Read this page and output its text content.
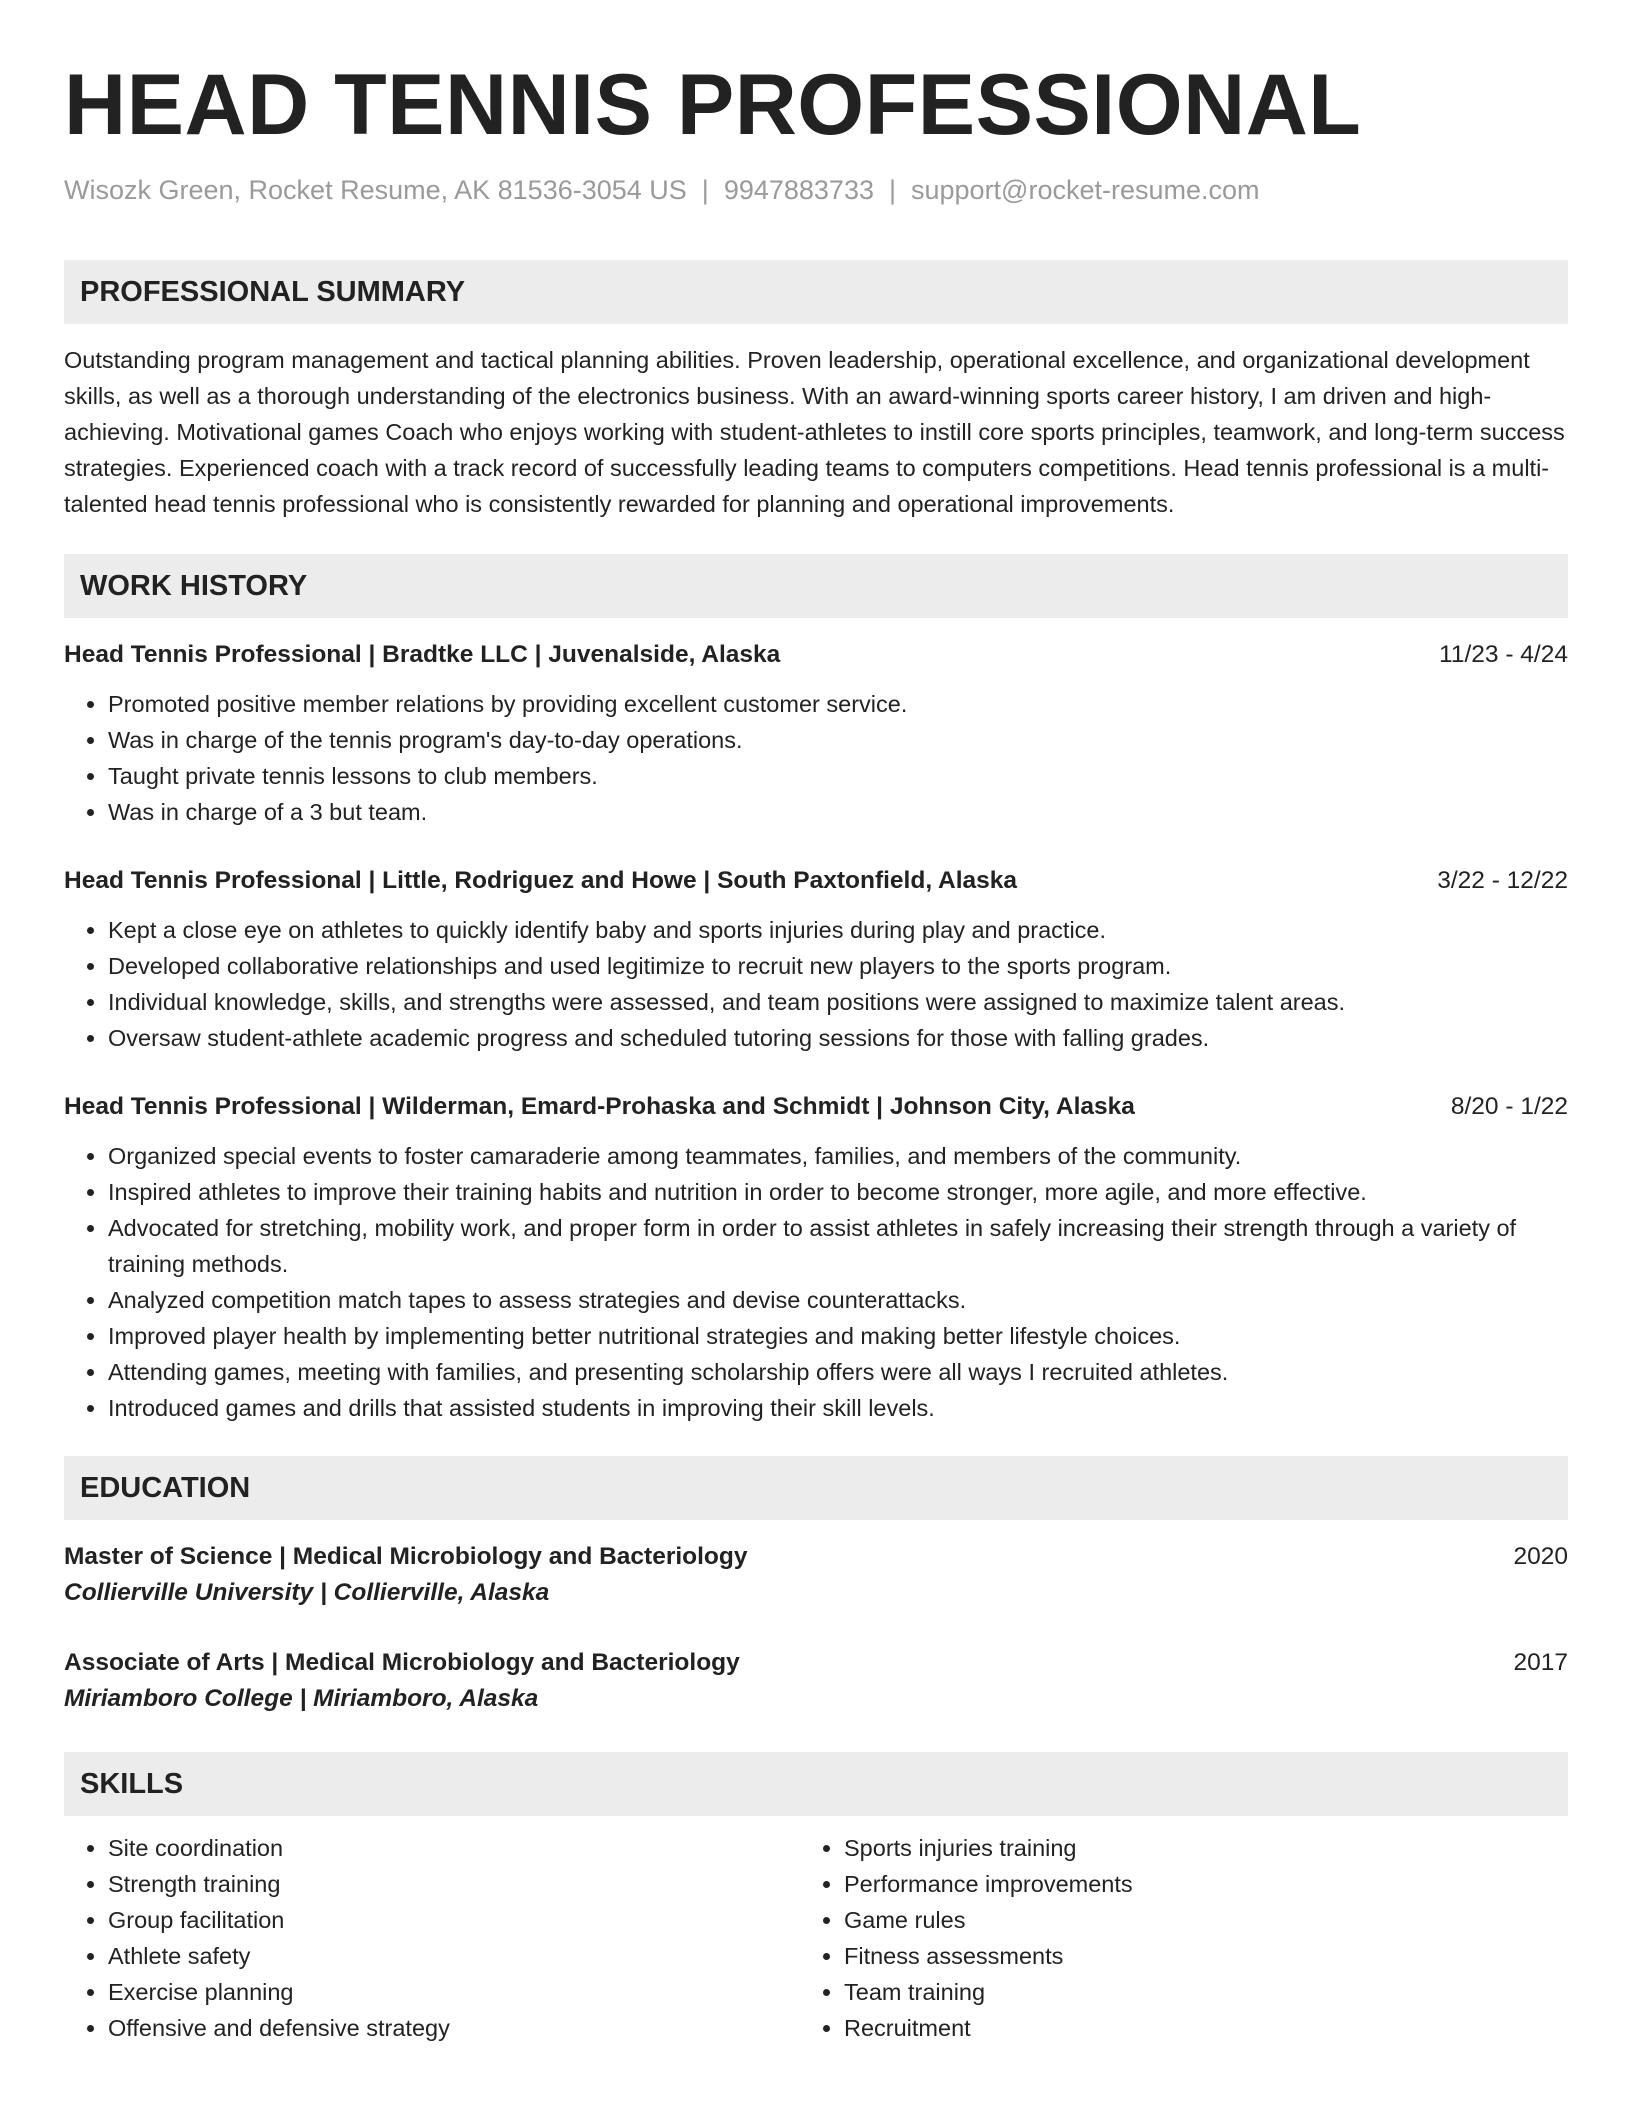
HEAD TENNIS PROFESSIONAL
Wisozk Green, Rocket Resume, AK 81536-3054 US | 9947883733 | support@rocket-resume.com
PROFESSIONAL SUMMARY

Outstanding program management and tactical planning abilities. Proven leadership, operational excellence, and organizational development skills, as well as a thorough understanding of the electronics business. With an award-winning sports career history, I am driven and high-achieving. Motivational games Coach who enjoys working with student-athletes to instill core sports principles, teamwork, and long-term success strategies. Experienced coach with a track record of successfully leading teams to computers competitions. Head tennis professional is a multi-talented head tennis professional who is consistently rewarded for planning and operational improvements.

WORK HISTORY
Head Tennis Professional | Bradtke LLC | Juvenalside, Alaska	11/23 - 4/24
• Promoted positive member relations by providing excellent customer service.
• Was in charge of the tennis program's day-to-day operations.
• Taught private tennis lessons to club members.
• Was in charge of a 3 but team.
Head Tennis Professional | Little, Rodriguez and Howe | South Paxtonfield, Alaska	3/22 - 12/22
• Kept a close eye on athletes to quickly identify baby and sports injuries during play and practice.
• Developed collaborative relationships and used legitimize to recruit new players to the sports program.
• Individual knowledge, skills, and strengths were assessed, and team positions were assigned to maximize talent areas.
• Oversaw student-athlete academic progress and scheduled tutoring sessions for those with falling grades.
Head Tennis Professional | Wilderman, Emard-Prohaska and Schmidt | Johnson City, Alaska	8/20 - 1/22
• Organized special events to foster camaraderie among teammates, families, and members of the community.
• Inspired athletes to improve their training habits and nutrition in order to become stronger, more agile, and more effective.
• Advocated for stretching, mobility work, and proper form in order to assist athletes in safely increasing their strength through a variety of training methods.
• Analyzed competition match tapes to assess strategies and devise counterattacks.
• Improved player health by implementing better nutritional strategies and making better lifestyle choices.
• Attending games, meeting with families, and presenting scholarship offers were all ways I recruited athletes.
• Introduced games and drills that assisted students in improving their skill levels.
EDUCATION
Master of Science | Medical Microbiology and Bacteriology	2020
Collierville University | Collierville, Alaska
Associate of Arts | Medical Microbiology and Bacteriology	2017
Miriamboro College | Miriamboro, Alaska
SKILLS
• Site coordination
• Strength training
• Group facilitation
• Athlete safety
• Exercise planning
• Offensive and defensive strategy
• Sports injuries training
• Performance improvements
• Game rules
• Fitness assessments
• Team training
• Recruitment
